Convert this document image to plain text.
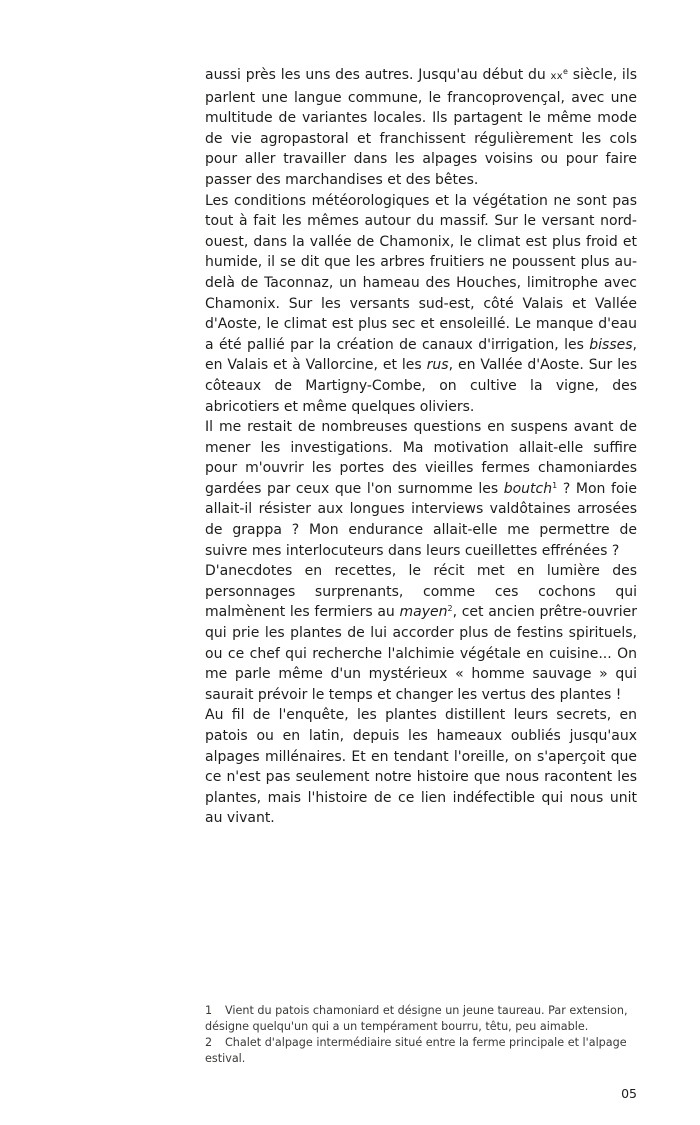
aussi près les uns des autres. Jusqu'au début du $xx^e$ siècle, ils parlent une langue commune, le francoprovençal, avec une multitude de variantes locales. Ils partagent le même mode de vie agropastoral et franchissent régulièrement les cols pour aller travailler dans les alpages voisins ou pour faire passer des marchandises et des bêtes.

Les conditions météorologiques et la végétation ne sont pas tout à fait les mêmes autour du massif. Sur le versant nord-ouest, dans la vallée de Chamonix, le climat est plus froid et humide, il se dit que les arbres fruitiers ne poussent plus au-delà de Taconnaz, un hameau des Houches, limitrophe avec Chamonix. Sur les versants sud-est, côté Valais et Vallée d'Aoste, le climat est plus sec et ensoleillé. Le manque d'eau a été pallié par la création de canaux d'irrigation, les bisses, en Valais et à Vallorcine, et les rus, en Vallée d'Aoste. Sur les côteaux de Martigny-Combe, on cultive la vigne, des abricotiers et même quelques oliviers.

Il me restait de nombreuses questions en suspens avant de mener les investigations. Ma motivation allait-elle suffire pour m'ouvrir les portes des vieilles fermes chamoniardes gardées par ceux que l'on surnomme les boutch$^1$ ? Mon foie allait-il résister aux longues interviews valdôtaines arrosées de grappa ? Mon endurance allait-elle me permettre de suivre mes interlocuteurs dans leurs cueillettes effrénées ?

D'anecdotes en recettes, le récit met en lumière des personnages surprenants, comme ces cochons qui malmènent les fermiers au mayen$^2$, cet ancien prêtre-ouvrier qui prie les plantes de lui accorder plus de festins spirituels, ou ce chef qui recherche l'alchimie végétale en cuisine... On me parle même d'un mystérieux « homme sauvage » qui saurait prévoir le temps et changer les vertus des plantes !

Au fil de l'enquête, les plantes distillent leurs secrets, en patois ou en latin, depuis les hameaux oubliés jusqu'aux alpages millénaires. Et en tendant l'oreille, on s'aperçoit que ce n'est pas seulement notre histoire que nous racontent les plantes, mais l'histoire de ce lien indéfectible qui nous unit au vivant.

1 Vient du patois chamoniard et désigne un jeune taureau. Par extension, désigne quelqu'un qui a un tempérament bourru, têtu, peu aimable.

2 Chalet d'alpage intermédiaire situé entre la ferme principale et l'alpage estival.

05
